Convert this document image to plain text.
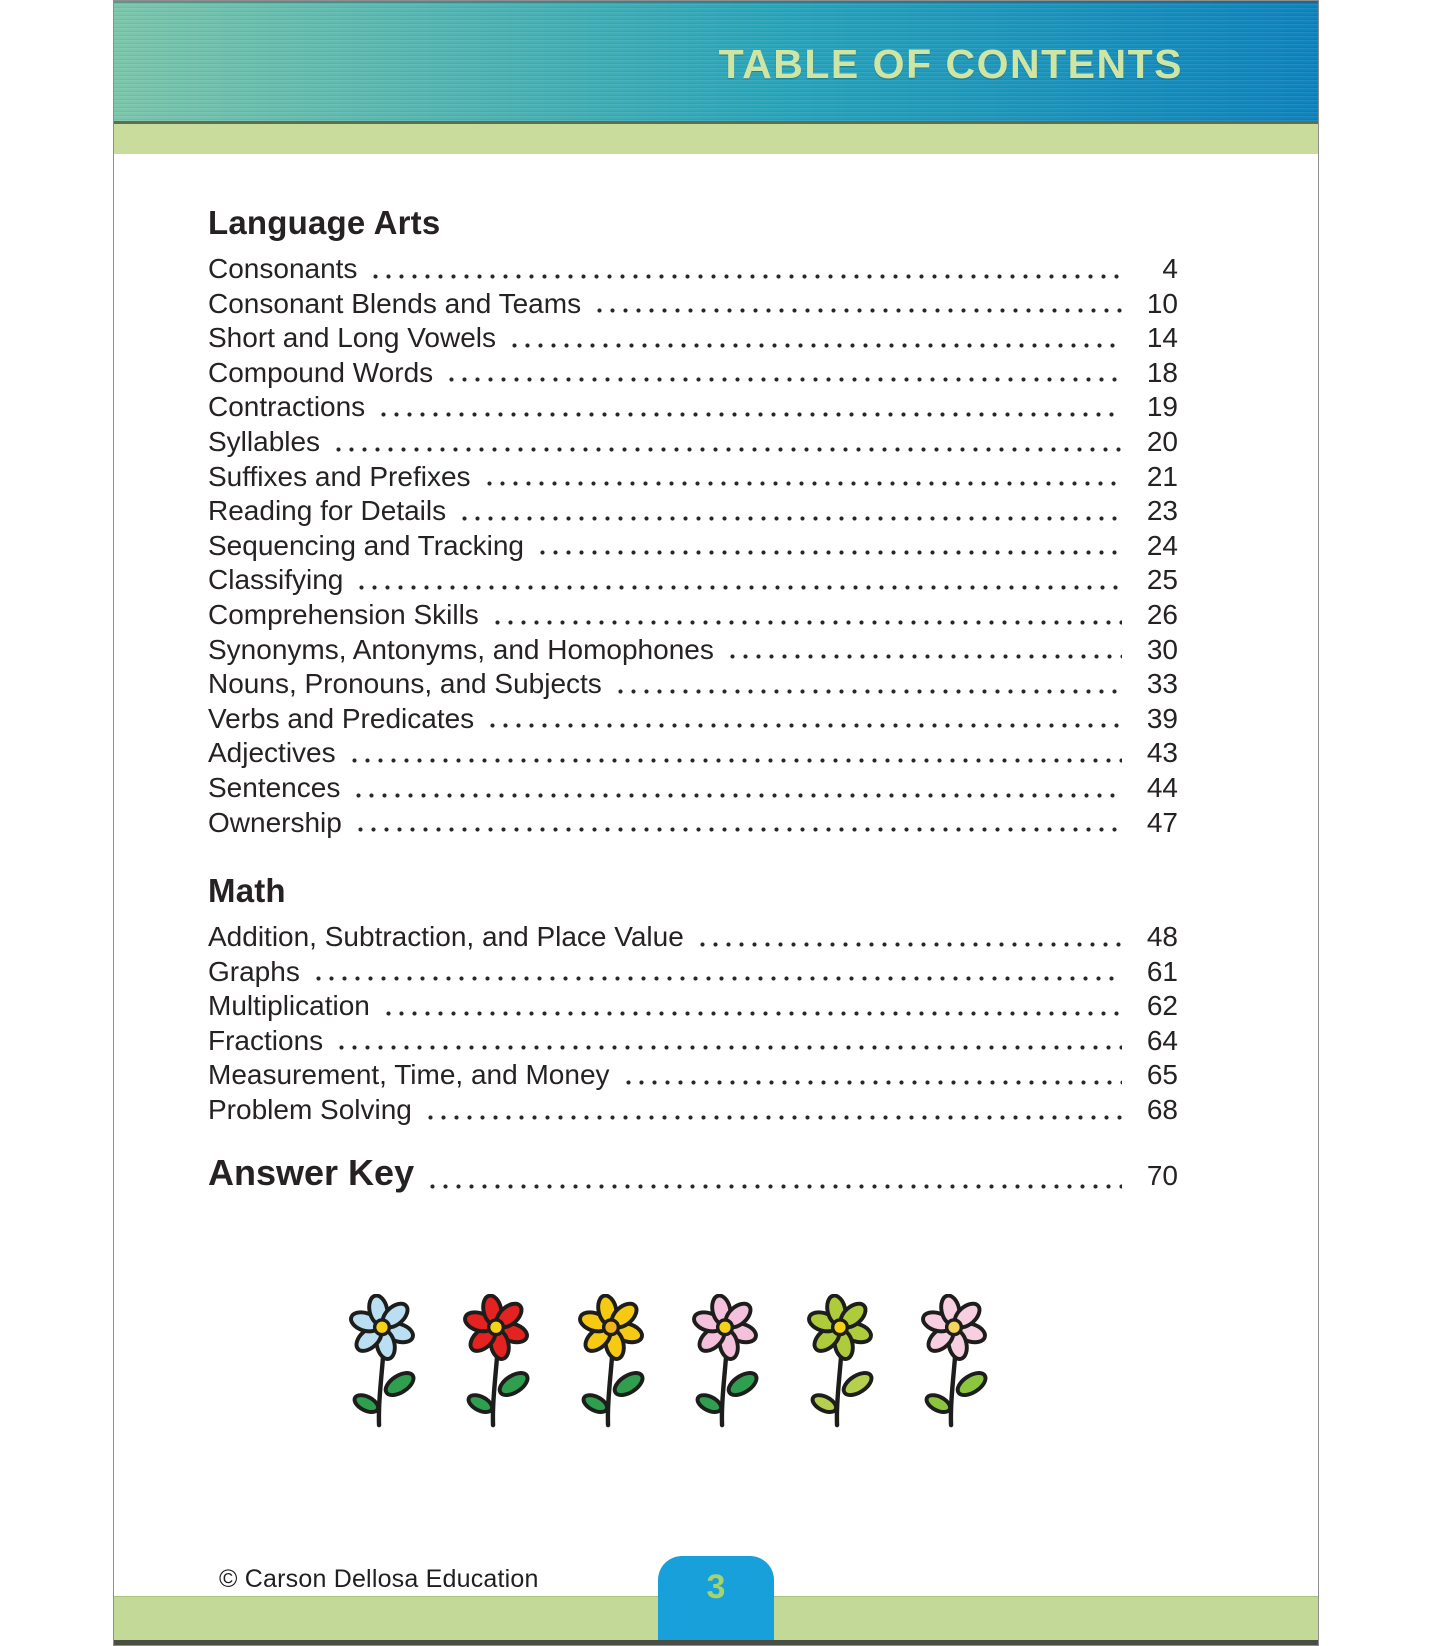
TABLE OF CONTENTS
Language Arts
Consonants	4
Consonant Blends and Teams	10
Short and Long Vowels	14
Compound Words	18
Contractions	19
Syllables	20
Suffixes and Prefixes	21
Reading for Details	23
Sequencing and Tracking	24
Classifying	25
Comprehension Skills	26
Synonyms, Antonyms, and Homophones	30
Nouns, Pronouns, and Subjects	33
Verbs and Predicates	39
Adjectives	43
Sentences	44
Ownership	47
Math
Addition, Subtraction, and Place Value	48
Graphs	61
Multiplication	62
Fractions	64
Measurement, Time, and Money	65
Problem Solving	68
Answer Key	70
© Carson Dellosa Education	3
